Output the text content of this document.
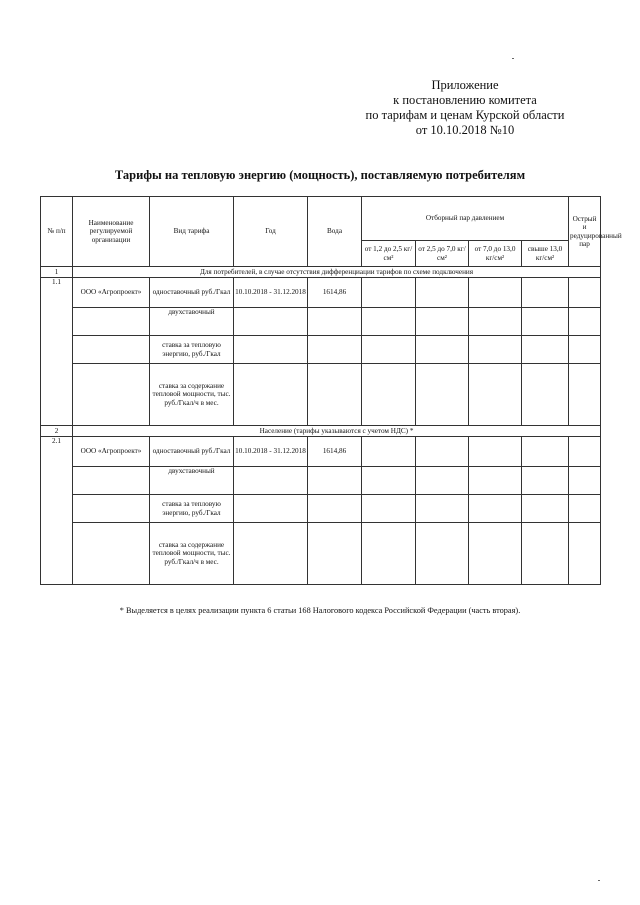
Приложение
к постановлению комитета
по тарифам и ценам Курской области
от 10.10.2018 №10
Тарифы на тепловую энергию (мощность), поставляемую потребителям
№ п/п	Наименование регулируемой организации	Вид тарифа	Год	Вода	Отборный пар давлением				Острый и редуцированный пар
					от 1,2 до 2,5 кг/см²	от 2,5 до 7,0 кг/см²	от 7,0 до 13,0 кг/см²	свыше 13,0 кг/см²	
1	Для потребителей, в случае отсутствия дифференциации тарифов по схеме подключения								
1.1	ООО «Агропроект»	одноставочный руб./Гкал	10.10.2018 - 31.12.2018	1614,86					
		двухставочный							
		ставка за тепловую энергию, руб./Гкал							
		ставка за содержание тепловой мощности, тыс. руб./Гкал/ч в мес.							
2	Население (тарифы указываются с учетом НДС) *								
2.1	ООО «Агропроект»	одноставочный руб./Гкал	10.10.2018 - 31.12.2018	1614,86					
		двухставочный							
		ставка за тепловую энергию, руб./Гкал							
		ставка за содержание тепловой мощности, тыс. руб./Гкал/ч в мес.							
* Выделяется в целях реализации пункта 6 статьи 168 Налогового кодекса Российской Федерации (часть вторая).
